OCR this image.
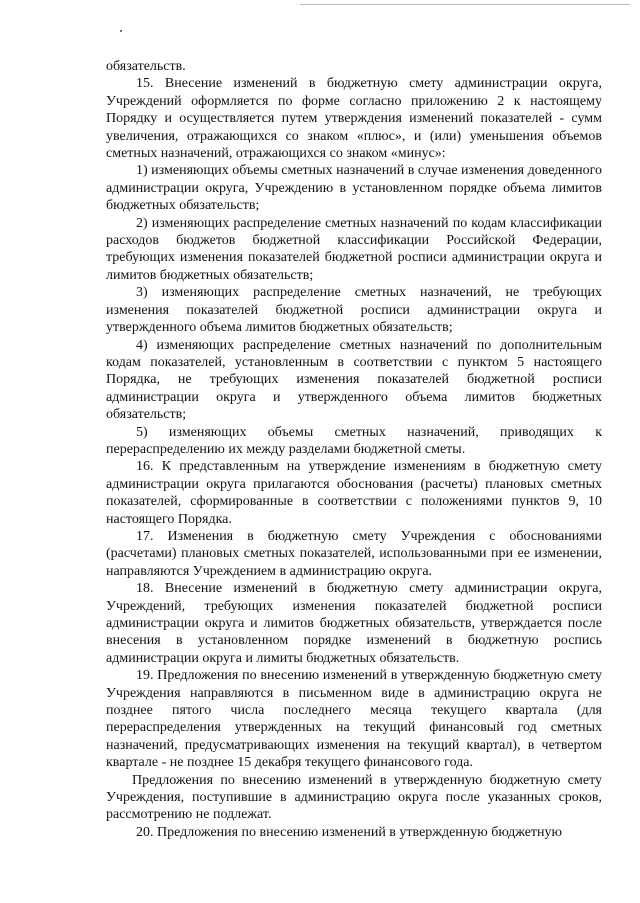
обязательств.

15. Внесение изменений в бюджетную смету администрации округа, Учреждений оформляется по форме согласно приложению 2 к настоящему Порядку и осуществляется путем утверждения изменений показателей - сумм увеличения, отражающихся со знаком «плюс», и (или) уменьшения объемов сметных назначений, отражающихся со знаком «минус»:

1) изменяющих объемы сметных назначений в случае изменения доведенного администрации округа, Учреждению в установленном порядке объема лимитов бюджетных обязательств;

2) изменяющих распределение сметных назначений по кодам классификации расходов бюджетов бюджетной классификации Российской Федерации, требующих изменения показателей бюджетной росписи администрации округа и лимитов бюджетных обязательств;

3) изменяющих распределение сметных назначений, не требующих изменения показателей бюджетной росписи администрации округа и утвержденного объема лимитов бюджетных обязательств;

4) изменяющих распределение сметных назначений по дополнительным кодам показателей, установленным в соответствии с пунктом 5 настоящего Порядка, не требующих изменения показателей бюджетной росписи администрации округа и утвержденного объема лимитов бюджетных обязательств;

5) изменяющих объемы сметных назначений, приводящих к перераспределению их между разделами бюджетной сметы.

16. К представленным на утверждение изменениям в бюджетную смету администрации округа прилагаются обоснования (расчеты) плановых сметных показателей, сформированные в соответствии с положениями пунктов 9, 10 настоящего Порядка.

17. Изменения в бюджетную смету Учреждения с обоснованиями (расчетами) плановых сметных показателей, использованными при ее изменении, направляются Учреждением в администрацию округа.

18. Внесение изменений в бюджетную смету администрации округа, Учреждений, требующих изменения показателей бюджетной росписи администрации округа и лимитов бюджетных обязательств, утверждается после внесения в установленном порядке изменений в бюджетную роспись администрации округа и лимиты бюджетных обязательств.

19. Предложения по внесению изменений в утвержденную бюджетную смету Учреждения направляются в письменном виде в администрацию округа не позднее пятого числа последнего месяца текущего квартала (для перераспределения утвержденных на текущий финансовый год сметных назначений, предусматривающих изменения на текущий квартал), в четвертом квартале - не позднее 15 декабря текущего финансового года.

Предложения по внесению изменений в утвержденную бюджетную смету Учреждения, поступившие в администрацию округа после указанных сроков, рассмотрению не подлежат.

20. Предложения по внесению изменений в утвержденную бюджетную
